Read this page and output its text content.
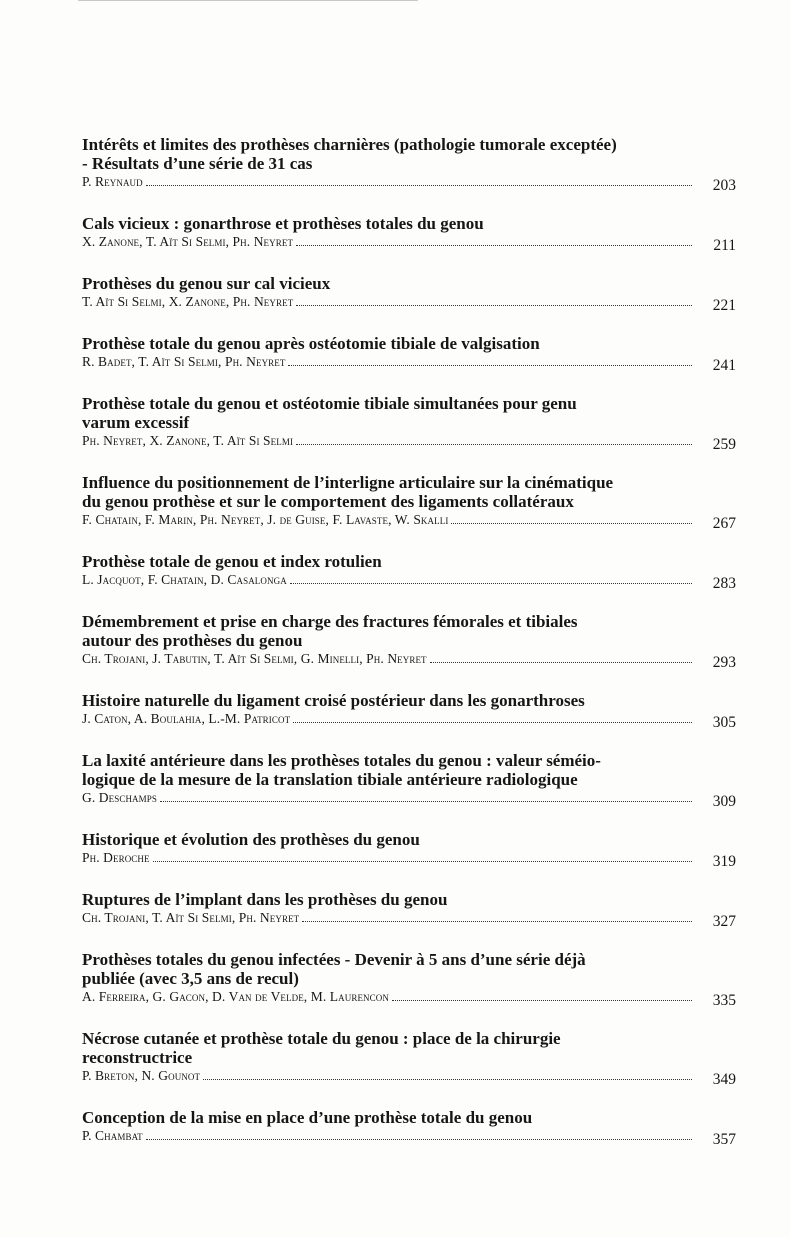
Intérêts et limites des prothèses charnières (pathologie tumorale exceptée)
- Résultats d’une série de 31 cas
P. Reynaud	203
Cals vicieux : gonarthrose et prothèses totales du genou
X. Zanone, T. Aït Si Selmi, Ph. Neyret	211
Prothèses du genou sur cal vicieux
T. Aït Si Selmi, X. Zanone, Ph. Neyret	221
Prothèse totale du genou après ostéotomie tibiale de valgisation
R. Badet, T. Aït Si Selmi, Ph. Neyret	241
Prothèse totale du genou et ostéotomie tibiale simultanées pour genu
varum excessif
Ph. Neyret, X. Zanone, T. Aït Si Selmi	259
Influence du positionnement de l’interligne articulaire sur la cinématique
du genou prothèse et sur le comportement des ligaments collatéraux
F. Chatain, F. Marin, Ph. Neyret, J. de Guise, F. Lavaste, W. Skalli	267
Prothèse totale de genou et index rotulien
L. Jacquot, F. Chatain, D. Casalonga	283
Démembrement et prise en charge des fractures fémorales et tibiales
autour des prothèses du genou
Ch. Trojani, J. Tabutin, T. Aït Si Selmi, G. Minelli, Ph. Neyret	293
Histoire naturelle du ligament croisé postérieur dans les gonarthroses
J. Caton, A. Boulahia, L.-M. Patricot	305
La laxité antérieure dans les prothèses totales du genou : valeur séméio-
logique de la mesure de la translation tibiale antérieure radiologique
G. Deschamps	309
Historique et évolution des prothèses du genou
Ph. Deroche	319
Ruptures de l’implant dans les prothèses du genou
Ch. Trojani, T. Aït Si Selmi, Ph. Neyret	327
Prothèses totales du genou infectées - Devenir à 5 ans d’une série déjà
publiée (avec 3,5 ans de recul)
A. Ferreira, G. Gacon, D. Van de Velde, M. Laurencon	335
Nécrose cutanée et prothèse totale du genou : place de la chirurgie
reconstructrice
P. Breton, N. Gounot	349
Conception de la mise en place d’une prothèse totale du genou
P. Chambat	357
